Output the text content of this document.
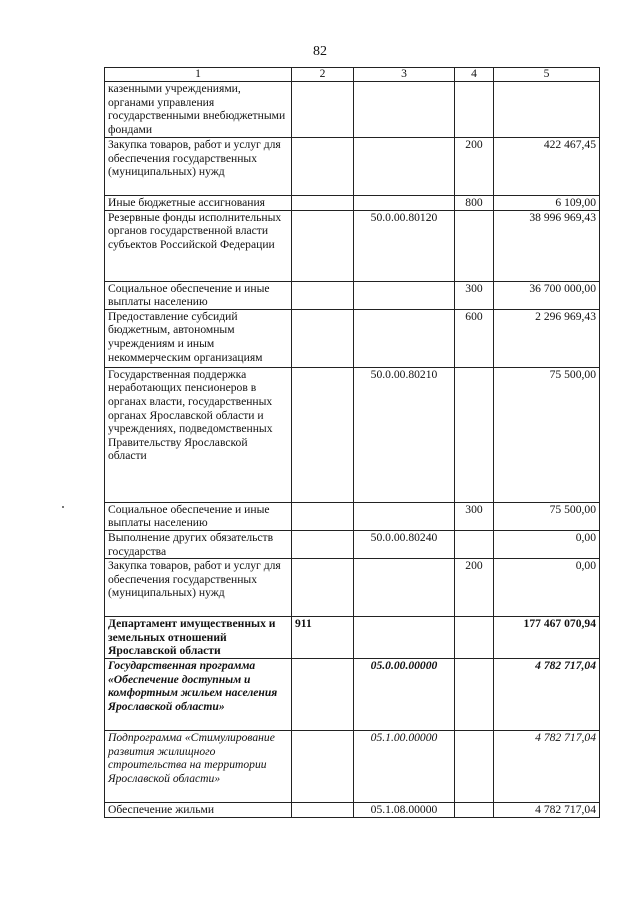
82
1	2	3	4	5
казенными учреждениями, органами управления государственными внебюджетными фондами				
Закупка товаров, работ и услуг для обеспечения государственных (муниципальных) нужд			200	422 467,45
Иные бюджетные ассигнования			800	6 109,00
Резервные фонды исполнительных органов государственной власти субъектов Российской Федерации		50.0.00.80120		38 996 969,43
Социальное обеспечение и иные выплаты населению			300	36 700 000,00
Предоставление субсидий бюджетным, автономным учреждениям и иным некоммерческим организациям			600	2 296 969,43
Государственная поддержка неработающих пенсионеров в органах власти, государственных органах Ярославской области и учреждениях, подведомственных Правительству Ярославской области		50.0.00.80210		75 500,00
Социальное обеспечение и иные выплаты населению			300	75 500,00
Выполнение других обязательств государства		50.0.00.80240		0,00
Закупка товаров, работ и услуг для обеспечения государственных (муниципальных) нужд			200	0,00
Департамент имущественных и земельных отношений Ярославской области	911			177 467 070,94
Государственная программа «Обеспечение доступным и комфортным жильем населения Ярославской области»		05.0.00.00000		4 782 717,04
Подпрограмма «Стимулирование развития жилищного строительства на территории Ярославской области»		05.1.00.00000		4 782 717,04
Обеспечение жильми		05.1.08.00000		4 782 717,04
